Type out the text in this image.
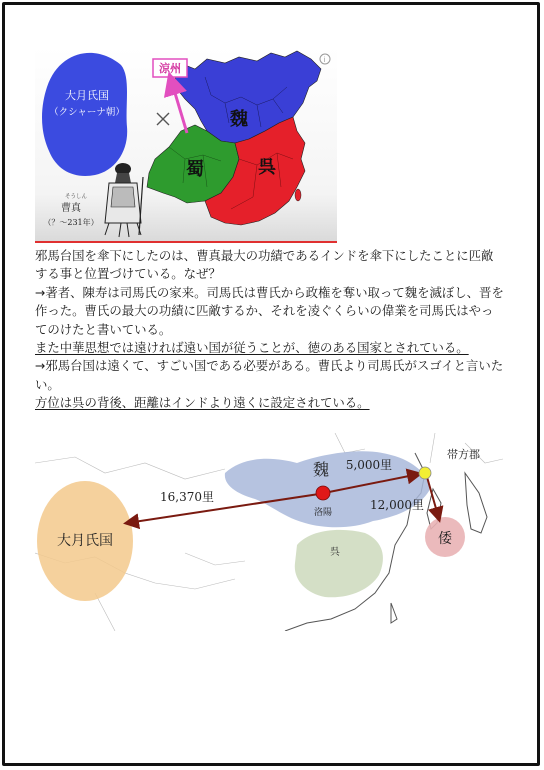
i
大月氏国
（クシャーナ朝）	魏
蜀	呉
涼州
そうしん
曹真
（？～231年）

邪馬台国を傘下にしたのは、曹真最大の功績であるインドを傘下にしたことに匹敵する事と位置づけている。なぜ？

→著者、陳寿は司馬氏の家来。司馬氏は曹氏から政権を奪い取って魏を滅ぼし、晋を作った。曹氏の最大の功績に匹敵するか、それを凌ぐくらいの偉業を司馬氏はやってのけたと書いている。

また中華思想では遠ければ遠い国が従うことが、徳のある国家とされている。

→邪馬台国は遠くて、すごい国である必要がある。曹氏より司馬氏がスゴイと言いたい。

方位は呉の背後、距離はインドより遠くに設定されている。

大月氏国
魏
洛陽
呉
帯方郡
倭
16,370里
5,000里
12,000里
